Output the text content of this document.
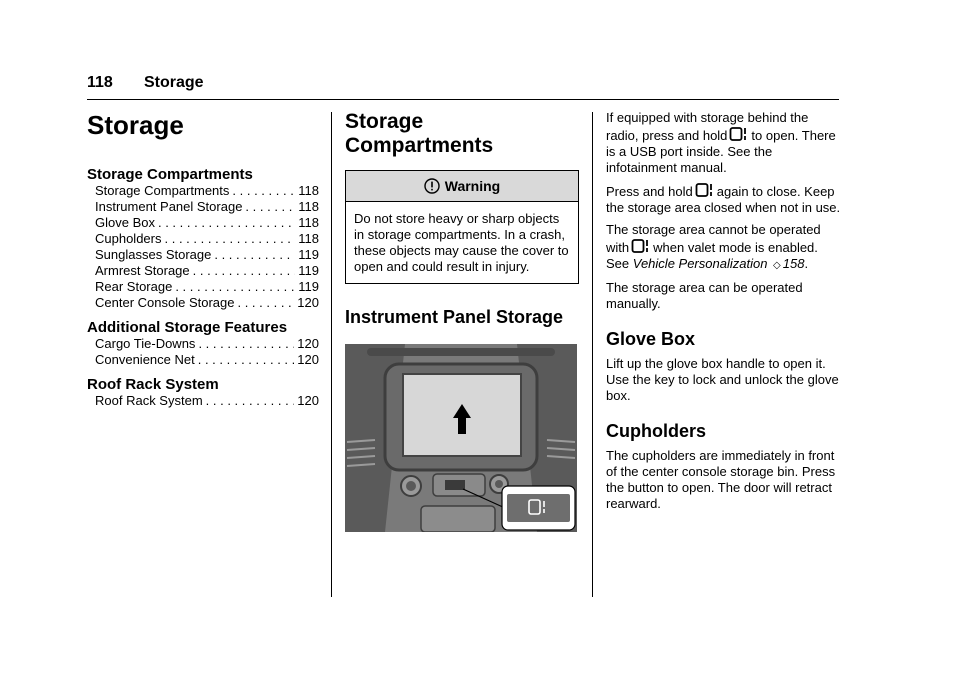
118 Storage
Storage
Storage Compartments
Storage Compartments . . .	118
Instrument Panel Storage . . .	118
Glove Box . . .	118
Cupholders . . .	118
Sunglasses Storage . . .	119
Armrest Storage . . .	119
Rear Storage . . .	119
Center Console Storage . . .	120
Additional Storage Features
Cargo Tie-Downs . . .	120
Convenience Net . . .	120
Roof Rack System
Roof Rack System . . .	120
Storage
Compartments
Warning
Do not store heavy or sharp objects in storage compartments. In a crash, these objects may cause the cover to open and could result in injury.
Instrument Panel Storage

If equipped with storage behind the radio, press and hold to open. There is a USB port inside. See the infotainment manual.

Press and hold again to close. Keep the storage area closed when not in use.

The storage area cannot be operated with when valet mode is enabled. See Vehicle Personalization ◇ 158.

The storage area can be operated manually.

Glove Box

Lift up the glove box handle to open it. Use the key to lock and unlock the glove box.

Cupholders

The cupholders are immediately in front of the center console storage bin. Press the button to open. The door will retract rearward.
